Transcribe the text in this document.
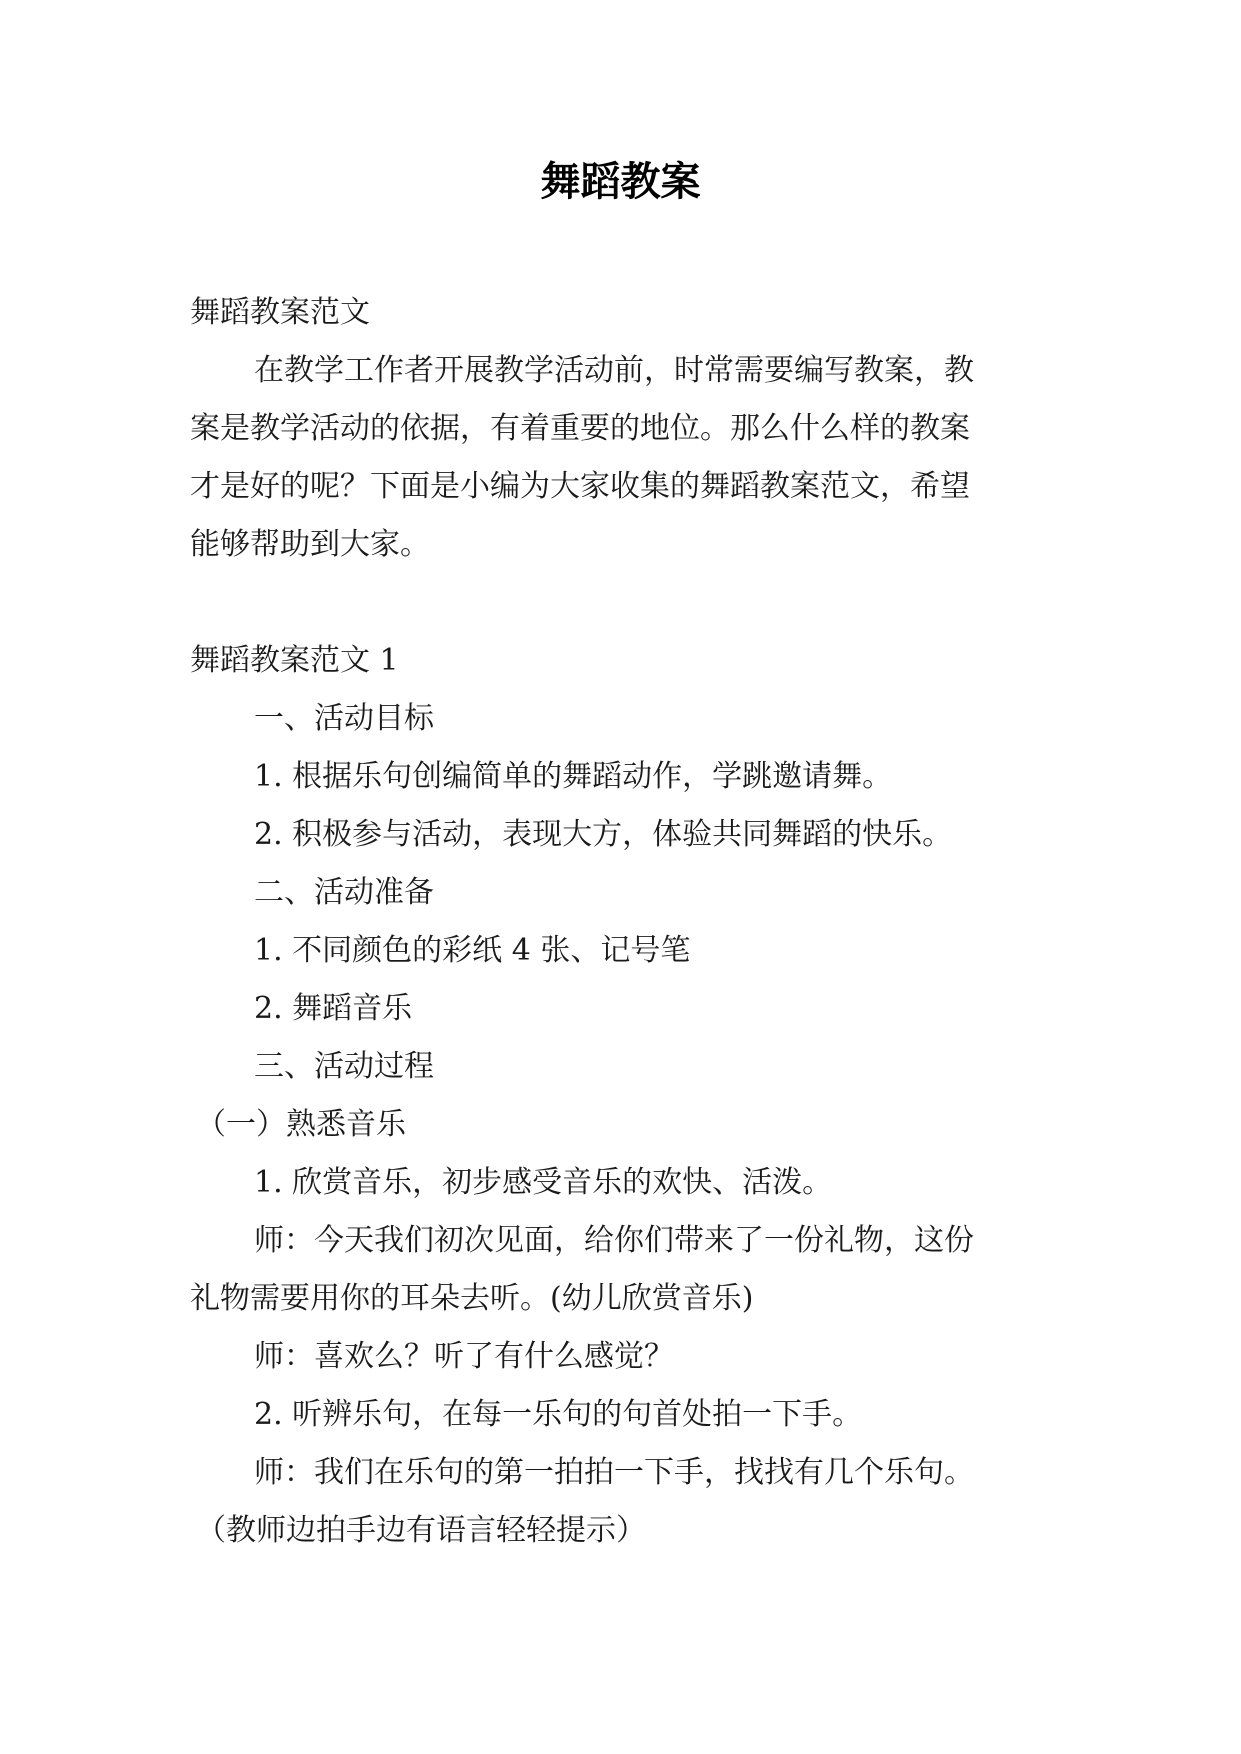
舞蹈教案
舞蹈教案范文
在教学工作者开展教学活动前，时常需要编写教案，教
案是教学活动的依据，有着重要的地位。那么什么样的教案
才是好的呢？下面是小编为大家收集的舞蹈教案范文，希望
能够帮助到大家。
舞蹈教案范文 1
一、活动目标
1. 根据乐句创编简单的舞蹈动作，学跳邀请舞。
2. 积极参与活动，表现大方，体验共同舞蹈的快乐。
二、活动准备
1. 不同颜色的彩纸 4 张、记号笔
2. 舞蹈音乐
三、活动过程
（一）熟悉音乐
1. 欣赏音乐，初步感受音乐的欢快、活泼。
师：今天我们初次见面，给你们带来了一份礼物，这份
礼物需要用你的耳朵去听。(幼儿欣赏音乐)
师：喜欢么？听了有什么感觉？
2. 听辨乐句，在每一乐句的句首处拍一下手。
师：我们在乐句的第一拍拍一下手，找找有几个乐句。
（教师边拍手边有语言轻轻提示）
